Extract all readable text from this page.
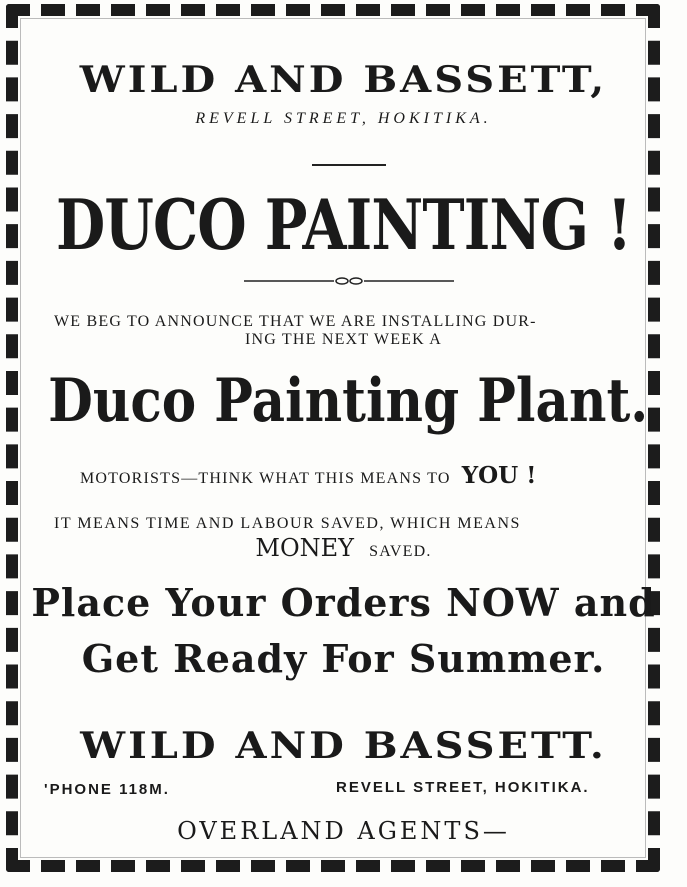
WILD AND BASSETT,
REVELL STREET, HOKITIKA.
DUCO PAINTING !
WE BEG TO ANNOUNCE THAT WE ARE INSTALLING DUR-
ING THE NEXT WEEK A
Duco Painting Plant.
MOTORISTS—THINK WHAT THIS MEANS TO YOU !
IT MEANS TIME AND LABOUR SAVED, WHICH MEANS
MONEY SAVED.
Place Your Orders NOW and
Get Ready For Summer.
WILD AND BASSETT.
'PHONE 118M.	REVELL STREET, HOKITIKA.
OVERLAND AGENTS—
